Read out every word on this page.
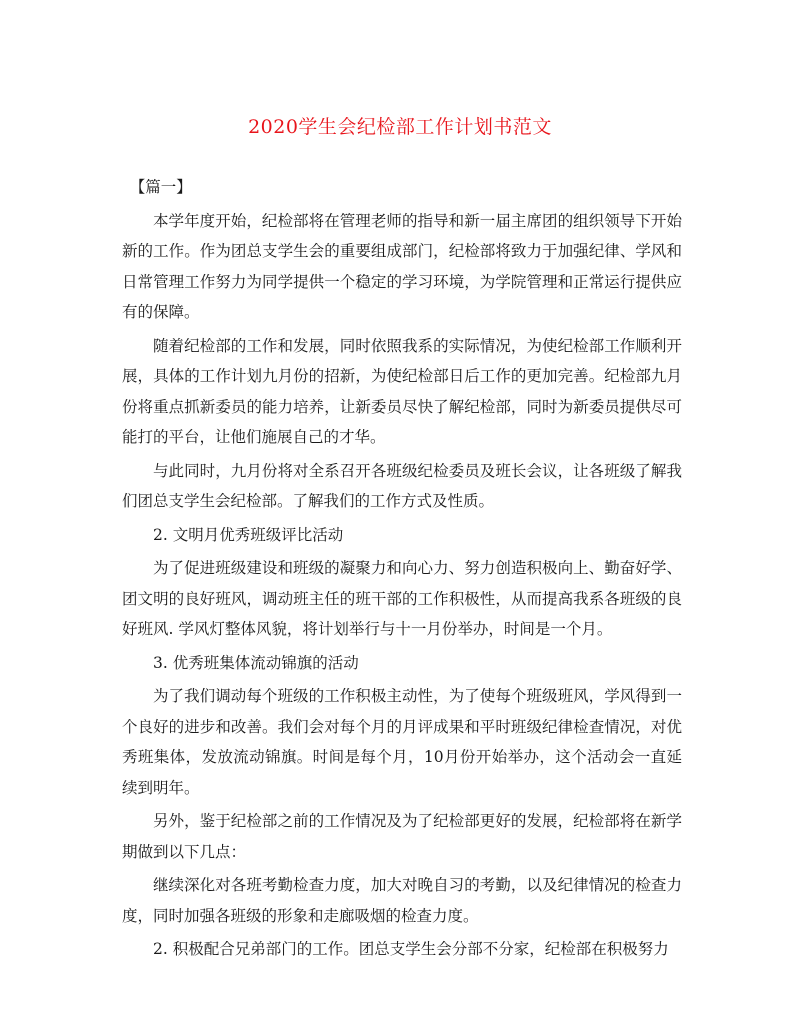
2020学生会纪检部工作计划书范文

【篇一】

本学年度开始，纪检部将在管理老师的指导和新一届主席团的组织领导下开始新的工作。作为团总支学生会的重要组成部门，纪检部将致力于加强纪律、学风和日常管理工作努力为同学提供一个稳定的学习环境，为学院管理和正常运行提供应有的保障。

随着纪检部的工作和发展，同时依照我系的实际情况，为使纪检部工作顺利开展，具体的工作计划九月份的招新，为使纪检部日后工作的更加完善。纪检部九月份将重点抓新委员的能力培养，让新委员尽快了解纪检部，同时为新委员提供尽可能打的平台，让他们施展自己的才华。

与此同时，九月份将对全系召开各班级纪检委员及班长会议，让各班级了解我们团总支学生会纪检部。了解我们的工作方式及性质。

2. 文明月优秀班级评比活动

为了促进班级建设和班级的凝聚力和向心力、努力创造积极向上、勤奋好学、团文明的良好班风，调动班主任的班干部的工作积极性，从而提高我系各班级的良好班风. 学风灯整体风貌，将计划举行与十一月份举办，时间是一个月。

3. 优秀班集体流动锦旗的活动

为了我们调动每个班级的工作积极主动性，为了使每个班级班风，学风得到一个良好的进步和改善。我们会对每个月的月评成果和平时班级纪律检查情况，对优秀班集体，发放流动锦旗。时间是每个月，10月份开始举办，这个活动会一直延续到明年。

另外，鉴于纪检部之前的工作情况及为了纪检部更好的发展，纪检部将在新学期做到以下几点：

继续深化对各班考勤检查力度，加大对晚自习的考勤，以及纪律情况的检查力度，同时加强各班级的形象和走廊吸烟的检查力度。

2. 积极配合兄弟部门的工作。团总支学生会分部不分家，纪检部在积极努力
